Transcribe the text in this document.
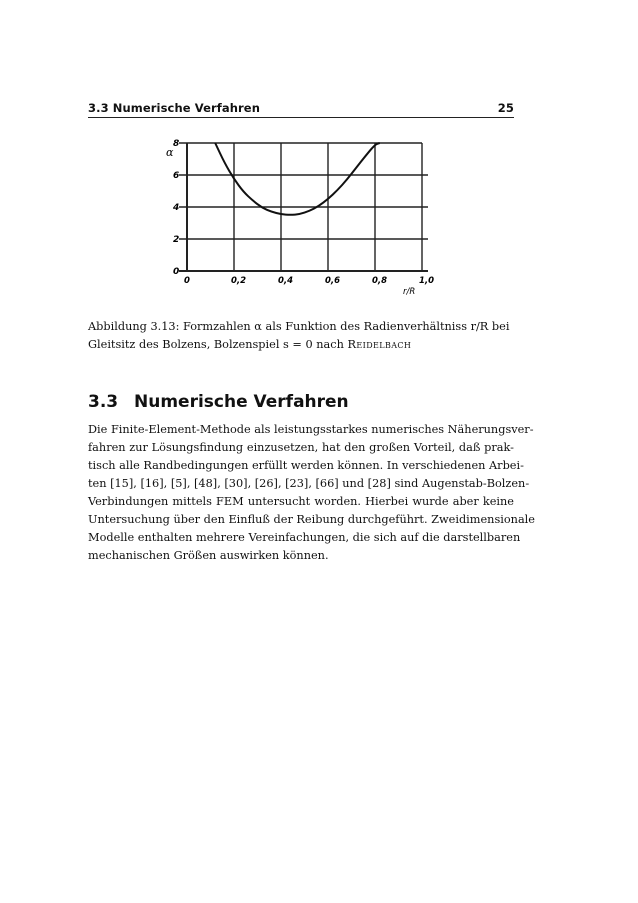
3.3 Numerische Verfahren	25
0	0,2	0,4	0,6	0,8	1,0
0
2
4
6
8
α
r/R
Abbildung 3.13: Formzahlen α als Funktion des Radienverhältniss r/R bei
Gleitsitz des Bolzens, Bolzenspiel s = 0 nach Reidelbach
3.3 Numerische Verfahren
Die Finite-Element-Methode als leistungsstarkes numerisches Näherungsver-
fahren zur Lösungsfindung einzusetzen, hat den großen Vorteil, daß prak-
tisch alle Randbedingungen erfüllt werden können. In verschiedenen Arbei-
ten [15], [16], [5], [48], [30], [26], [23], [66] und [28] sind Augenstab-Bolzen-
Verbindungen mittels FEM untersucht worden. Hierbei wurde aber keine
Untersuchung über den Einfluß der Reibung durchgeführt. Zweidimensionale
Modelle enthalten mehrere Vereinfachungen, die sich auf die darstellbaren
mechanischen Größen auswirken können.
